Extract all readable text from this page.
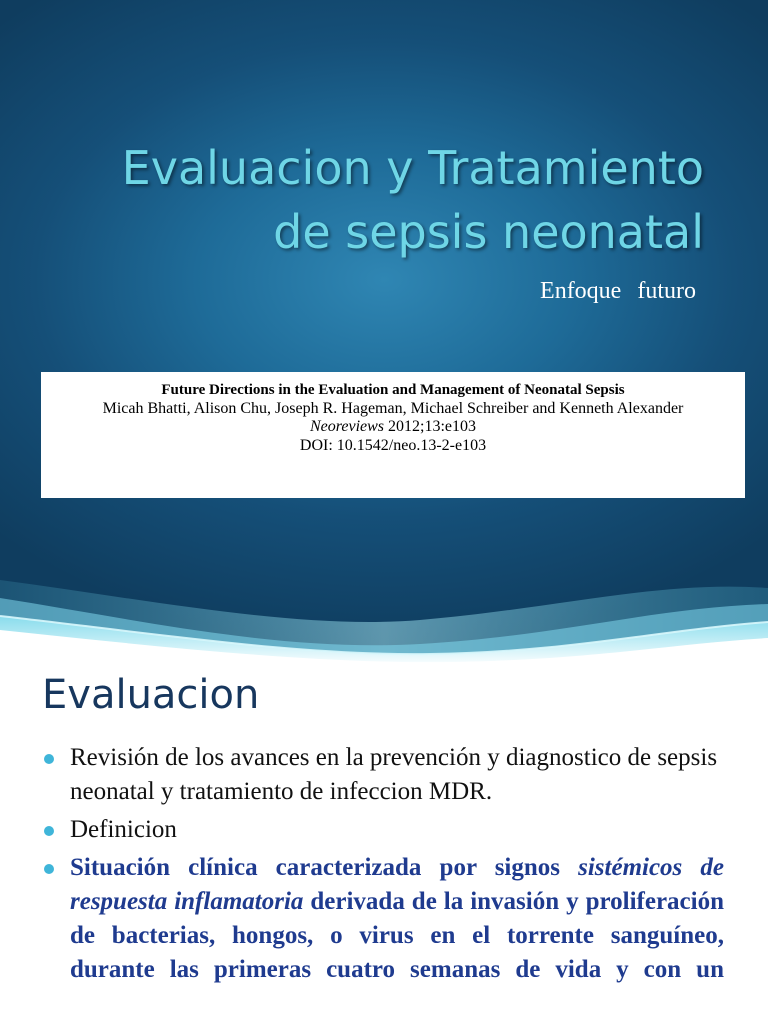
Evaluacion y Tratamiento
de sepsis neonatal
Enfoque futuro
Future Directions in the Evaluation and Management of Neonatal Sepsis
Micah Bhatti, Alison Chu, Joseph R. Hageman, Michael Schreiber and Kenneth Alexander
Neoreviews 2012;13:e103
DOI: 10.1542/neo.13-2-e103
Evaluacion
Revisión de los avances en la prevención y diagnostico de sepsis neonatal y tratamiento de infeccion MDR.
Definicion
Situación clínica caracterizada por signos sistémicos de respuesta inflamatoria derivada de la invasión y proliferación de bacterias, hongos, o virus en el torrente sanguíneo, durante las primeras cuatro semanas de vida y con un
